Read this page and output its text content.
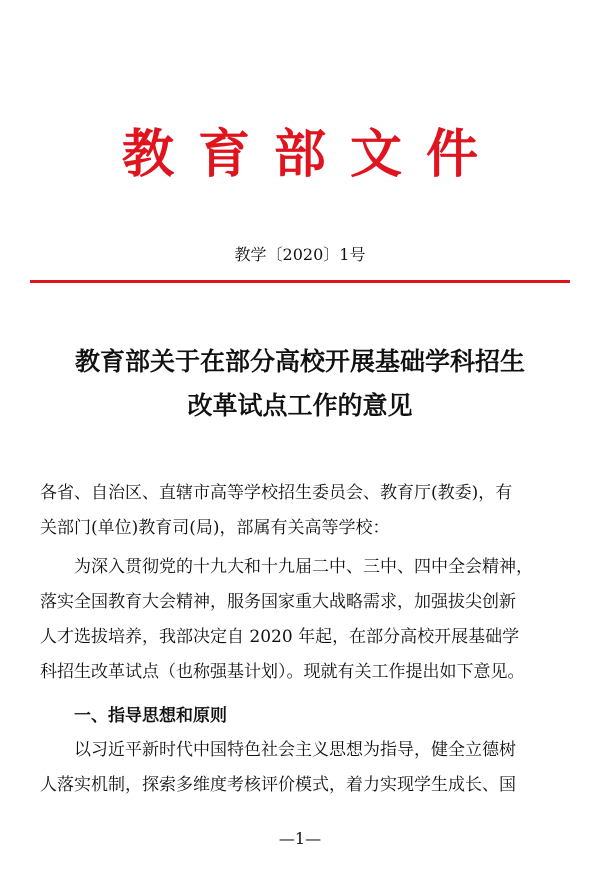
教育部文件
教学〔2020〕1号
教育部关于在部分高校开展基础学科招生
改革试点工作的意见
各省、自治区、直辖市高等学校招生委员会、教育厅(教委)，有
关部门(单位)教育司(局)，部属有关高等学校：
为深入贯彻党的十九大和十九届二中、三中、四中全会精神，
落实全国教育大会精神，服务国家重大战略需求，加强拔尖创新
人才选拔培养，我部决定自 2020 年起，在部分高校开展基础学
科招生改革试点（也称强基计划）。现就有关工作提出如下意见。
一、指导思想和原则
以习近平新时代中国特色社会主义思想为指导，健全立德树
人落实机制，探索多维度考核评价模式，着力实现学生成长、国
—1—
